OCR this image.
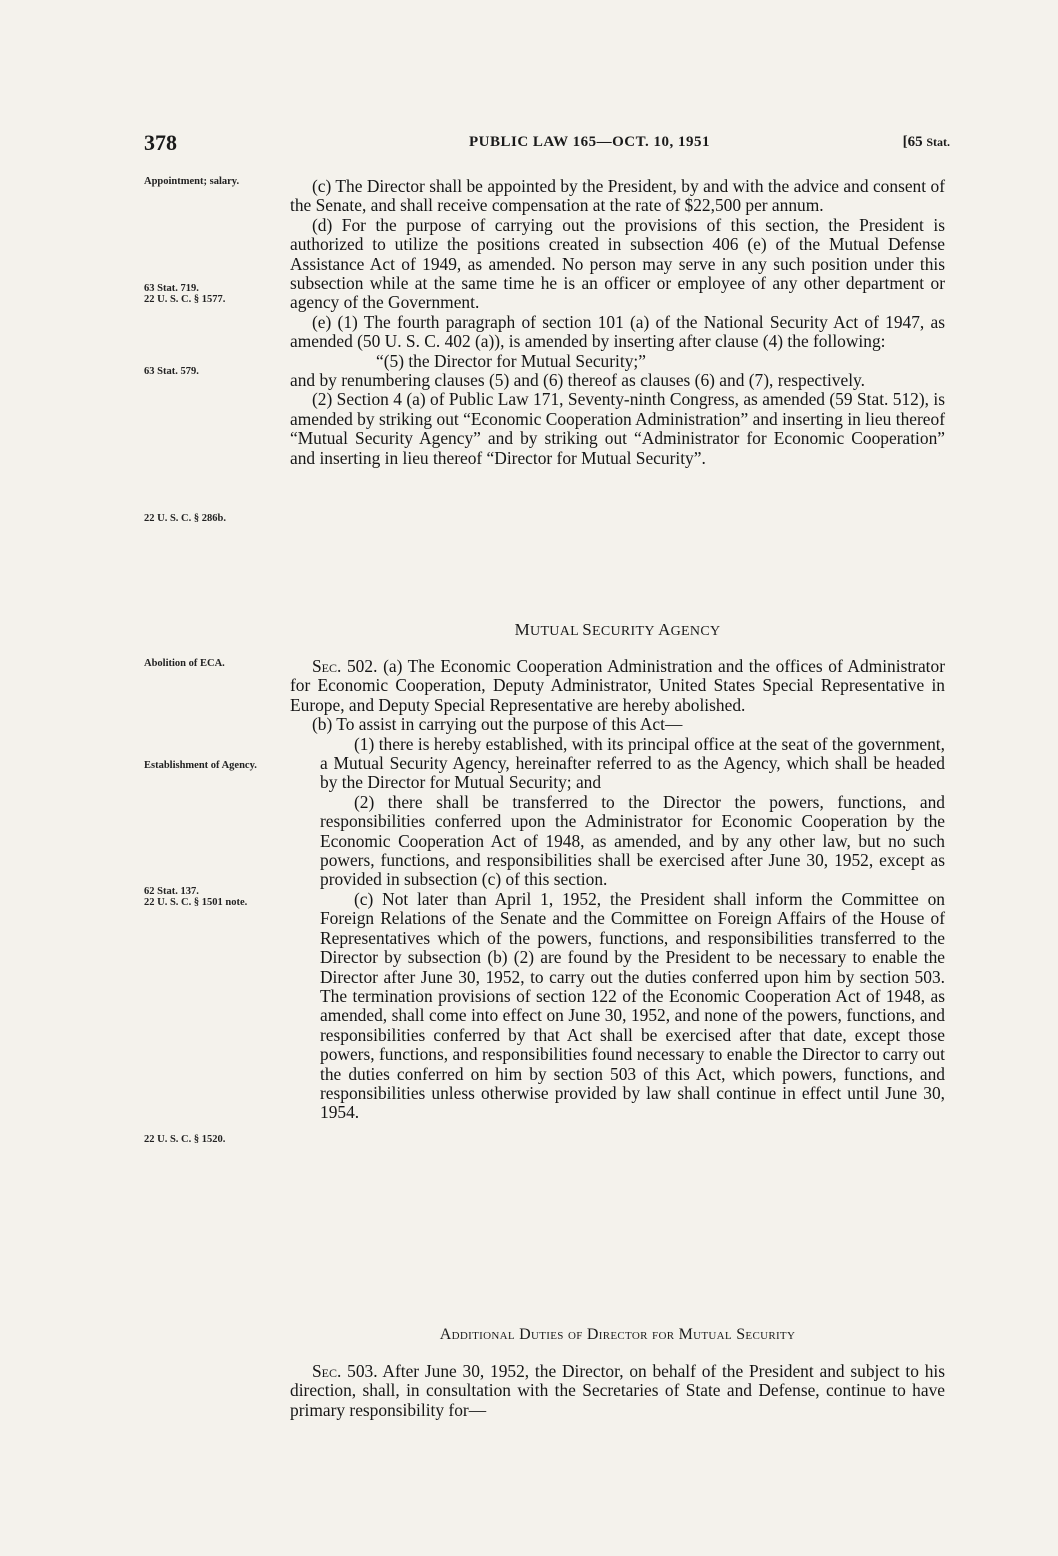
378	PUBLIC LAW 165—OCT. 10, 1951	[65 Stat.
Appointment; salary.
63 Stat. 719.
22 U. S. C. § 1577.
63 Stat. 579.
22 U. S. C. § 286b.
Abolition of ECA.
Establishment of Agency.
62 Stat. 137.
22 U. S. C. § 1501 note.
22 U. S. C. § 1520.

(c) The Director shall be appointed by the President, by and with the advice and consent of the Senate, and shall receive compensation at the rate of $22,500 per annum.

(d) For the purpose of carrying out the provisions of this section, the President is authorized to utilize the positions created in subsection 406 (e) of the Mutual Defense Assistance Act of 1949, as amended. No person may serve in any such position under this subsection while at the same time he is an officer or employee of any other department or agency of the Government.

(e) (1) The fourth paragraph of section 101 (a) of the National Security Act of 1947, as amended (50 U. S. C. 402 (a)), is amended by inserting after clause (4) the following:

“(5) the Director for Mutual Security;”

and by renumbering clauses (5) and (6) thereof as clauses (6) and (7), respectively.

(2) Section 4 (a) of Public Law 171, Seventy-ninth Congress, as amended (59 Stat. 512), is amended by striking out “Economic Cooperation Administration” and inserting in lieu thereof “Mutual Security Agency” and by striking out “Administrator for Economic Cooperation” and inserting in lieu thereof “Director for Mutual Security”.

MUTUAL SECURITY AGENCY

Sec. 502. (a) The Economic Cooperation Administration and the offices of Administrator for Economic Cooperation, Deputy Administrator, United States Special Representative in Europe, and Deputy Special Representative are hereby abolished.

(b) To assist in carrying out the purpose of this Act—

(1) there is hereby established, with its principal office at the seat of the government, a Mutual Security Agency, hereinafter referred to as the Agency, which shall be headed by the Director for Mutual Security; and

(2) there shall be transferred to the Director the powers, functions, and responsibilities conferred upon the Administrator for Economic Cooperation by the Economic Cooperation Act of 1948, as amended, and by any other law, but no such powers, functions, and responsibilities shall be exercised after June 30, 1952, except as provided in subsection (c) of this section.

(c) Not later than April 1, 1952, the President shall inform the Committee on Foreign Relations of the Senate and the Committee on Foreign Affairs of the House of Representatives which of the powers, functions, and responsibilities transferred to the Director by subsection (b) (2) are found by the President to be necessary to enable the Director after June 30, 1952, to carry out the duties conferred upon him by section 503. The termination provisions of section 122 of the Economic Cooperation Act of 1948, as amended, shall come into effect on June 30, 1952, and none of the powers, functions, and responsibilities conferred by that Act shall be exercised after that date, except those powers, functions, and responsibilities found necessary to enable the Director to carry out the duties conferred on him by section 503 of this Act, which powers, functions, and responsibilities unless otherwise provided by law shall continue in effect until June 30, 1954.

Additional Duties of Director for Mutual Security

Sec. 503. After June 30, 1952, the Director, on behalf of the President and subject to his direction, shall, in consultation with the Secretaries of State and Defense, continue to have primary responsibility for—
